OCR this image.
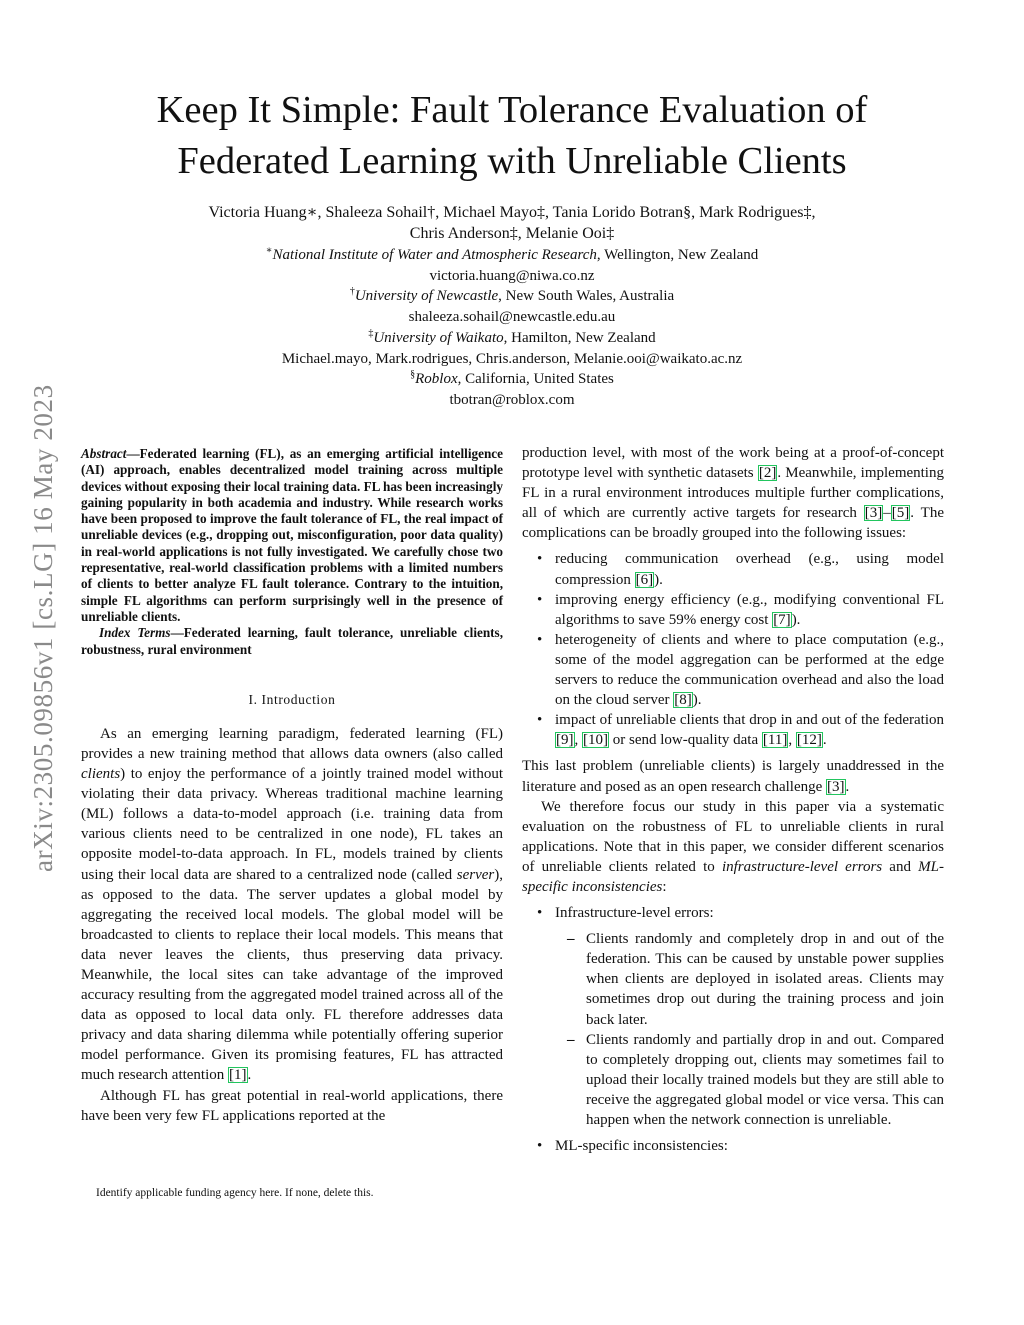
arXiv:2305.09856v1 [cs.LG] 16 May 2023
Keep It Simple: Fault Tolerance Evaluation of
Federated Learning with Unreliable Clients
Victoria Huang∗, Shaleeza Sohail†, Michael Mayo‡, Tania Lorido Botran§, Mark Rodrigues‡,
Chris Anderson‡, Melanie Ooi‡
∗National Institute of Water and Atmospheric Research, Wellington, New Zealand
victoria.huang@niwa.co.nz
†University of Newcastle, New South Wales, Australia
shaleeza.sohail@newcastle.edu.au
‡University of Waikato, Hamilton, New Zealand
Michael.mayo, Mark.rodrigues, Chris.anderson, Melanie.ooi@waikato.ac.nz
§Roblox, California, United States
tbotran@roblox.com

Abstract—Federated learning (FL), as an emerging artificial intelligence (AI) approach, enables decentralized model training across multiple devices without exposing their local training data. FL has been increasingly gaining popularity in both academia and industry. While research works have been proposed to improve the fault tolerance of FL, the real impact of unreliable devices (e.g., dropping out, misconfiguration, poor data quality) in real-world applications is not fully investigated. We carefully chose two representative, real-world classification problems with a limited numbers of clients to better analyze FL fault tolerance. Contrary to the intuition, simple FL algorithms can perform surprisingly well in the presence of unreliable clients.

Index Terms—Federated learning, fault tolerance, unreliable clients, robustness, rural environment

I. Introduction

As an emerging learning paradigm, federated learning (FL) provides a new training method that allows data owners (also called clients) to enjoy the performance of a jointly trained model without violating their data privacy. Whereas traditional machine learning (ML) follows a data-to-model approach (i.e. training data from various clients need to be centralized in one node), FL takes an opposite model-to-data approach. In FL, models trained by clients using their local data are shared to a centralized node (called server), as opposed to the data. The server updates a global model by aggregating the received local models. The global model will be broadcasted to clients to replace their local models. This means that data never leaves the clients, thus preserving data privacy. Meanwhile, the local sites can take advantage of the improved accuracy resulting from the aggregated model trained across all of the data as opposed to local data only. FL therefore addresses data privacy and data sharing dilemma while potentially offering superior model performance. Given its promising features, FL has attracted much research attention [1].

Although FL has great potential in real-world applications, there have been very few FL applications reported at the

Identify applicable funding agency here. If none, delete this.

production level, with most of the work being at a proof-of-concept prototype level with synthetic datasets [2]. Meanwhile, implementing FL in a rural environment introduces multiple further complications, all of which are currently active targets for research [3]–[5]. The complications can be broadly grouped into the following issues:

• reducing communication overhead (e.g., using model compression [6]).
• improving energy efficiency (e.g., modifying conventional FL algorithms to save 59% energy cost [7]).
• heterogeneity of clients and where to place computation (e.g., some of the model aggregation can be performed at the edge servers to reduce the communication overhead and also the load on the cloud server [8]).
• impact of unreliable clients that drop in and out of the federation [9], [10] or send low-quality data [11], [12].

This last problem (unreliable clients) is largely unaddressed in the literature and posed as an open research challenge [3].

We therefore focus our study in this paper via a systematic evaluation on the robustness of FL to unreliable clients in rural applications. Note that in this paper, we consider different scenarios of unreliable clients related to infrastructure-level errors and ML-specific inconsistencies:

• Infrastructure-level errors:
– Clients randomly and completely drop in and out of the federation. This can be caused by unstable power supplies when clients are deployed in isolated areas. Clients may sometimes drop out during the training process and join back later.
– Clients randomly and partially drop in and out. Compared to completely dropping out, clients may sometimes fail to upload their locally trained models but they are still able to receive the aggregated global model or vice versa. This can happen when the network connection is unreliable.
• ML-specific inconsistencies:
